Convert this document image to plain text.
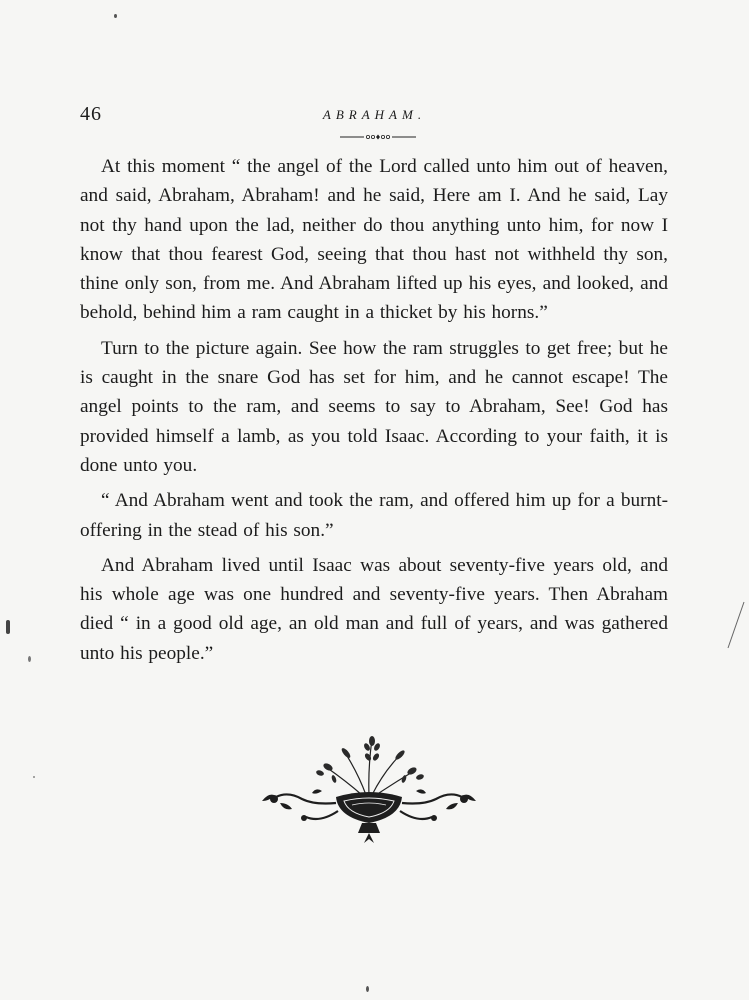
46	ABRAHAM.

At this moment “ the angel of the Lord called unto him out of heaven, and said, Abraham, Abraham! and he said, Here am I. And he said, Lay not thy hand upon the lad, neither do thou anything unto him, for now I know that thou fearest God, seeing that thou hast not withheld thy son, thine only son, from me. And Abraham lifted up his eyes, and looked, and behold, behind him a ram caught in a thicket by his horns.”

Turn to the picture again. See how the ram struggles to get free; but he is caught in the snare God has set for him, and he cannot escape! The angel points to the ram, and seems to say to Abraham, See! God has provided himself a lamb, as you told Isaac. According to your faith, it is done unto you.

“ And Abraham went and took the ram, and offered him up for a burnt-offering in the stead of his son.”

And Abraham lived until Isaac was about seventy-five years old, and his whole age was one hundred and seventy-five years. Then Abraham died “ in a good old age, an old man and full of years, and was gathered unto his people.”
